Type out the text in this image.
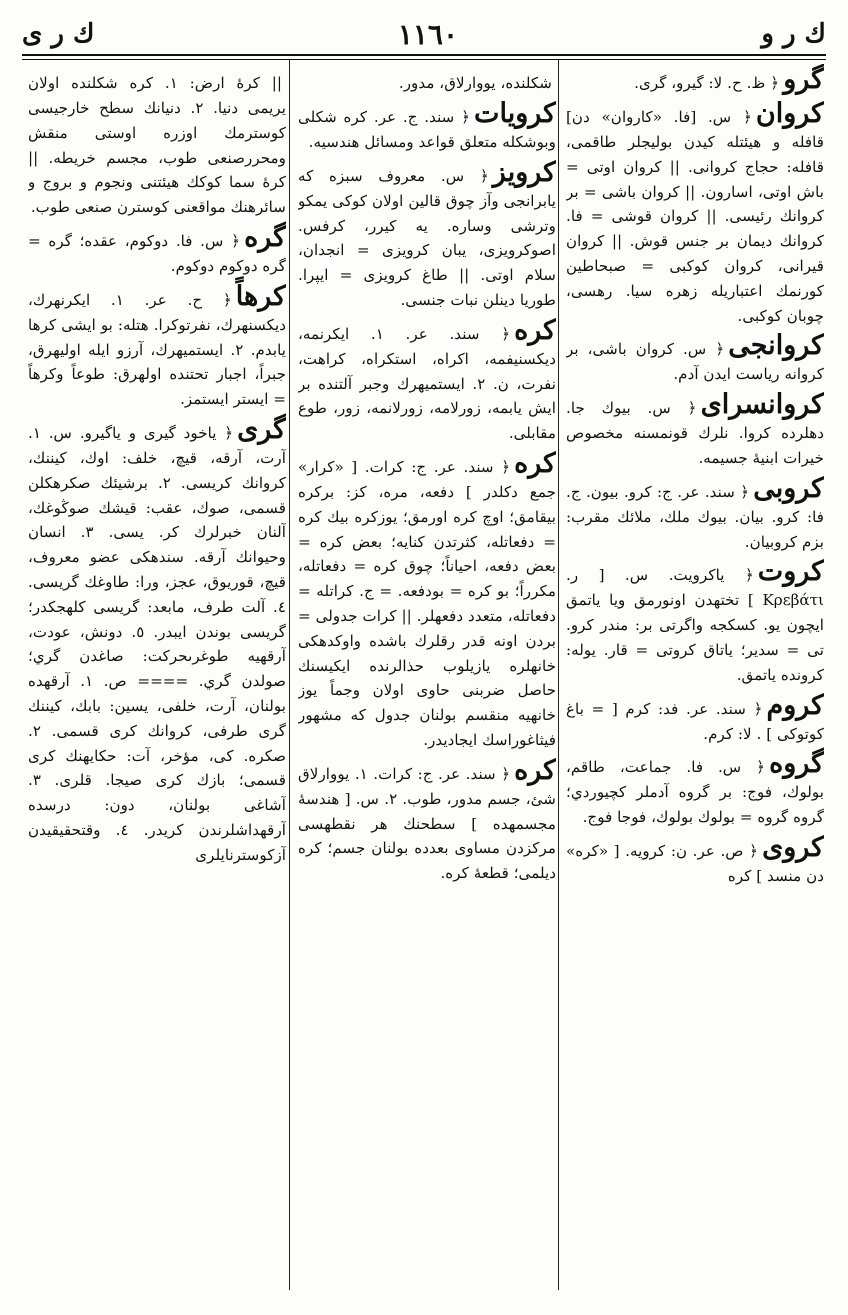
ك ر و
١١٦٠
ك ر ى
گرو﴿ ظ. ح. ﻻ: گيرو، گرى.
كروان﴿ س. [فا. «كاروان» دن] قافله و هيئتله كيدن بوليجلر طاقمى، قافله: حجاج كروانى. || كروان اوتى = باش اوتى، اسارون. || كروان باشى = بر كروانك رئيسى. || كروان قوشى = فا. كروانك ديمان بر جنس قوش. || كروان قيرانى، كروان كوكبى = صبحاطين كورنمك اعتباريله زهره سيا. رهسى، چوبان كوكبى.
كروانجى﴿ س. كروان باشى، بر كروانه رياست ايدن آدم.
كروانسراى﴿ س. بيوك جا. دهلرده كروا. نلرك قونمسنه مخصوص خيرات ابنيهٔ جسيمه.
كروبى﴿ سند. عر. ج: كرو. بيون. ج. فا: كرو. بيان. بيوك ملك، ملائك مقرب: بزم كروبيان.
كروت﴿ ياكرويت. س. [ ر. Κρεβάτι ] تختهدن اونورمق ويا ياتمق ايچون يو. كسكجه واگرتى بر: مندر كرو. تى = سدير؛ ياتاق كروتى = قار. يوله: كرونده ياتمق.
كروم﴿ سند. عر. فد: كرم [ = باغ كوتوكى ] . ﻻ: كرم.
گروه﴿ س. فا. جماعت، طاقم، بولوك، فوج: بر گروه آدملر كچيوردي؛ گروه گروه = بولوك بولوك، فوجا فوج.
كروى﴿ ص. عر. ن: كرويه. [ «كره» دن منسد ] كره
شكلنده، يووارلاق، مدور.
كرويات﴿ سند. ج. عر. كره شكلى وبوشكله متعلق قواعد ومسائل هندسيه.
كرويز﴿ س. معروف سبزه كه يابرانجى وآز چوق قالين اولان كوكى يمكو وترشى وساره. يه كيرر، كرفس. اصوكرويزى، يبان كرويزى = انجدان، سلام اوتى. || طاغ كرويزى = ايپرا. طوريا دينلن نبات جنسى.
كره﴿ سند. عر. ١. ايكرنمه، ديكسنيفمه، اكراه، استكراه، كراهت، نفرت، ن. ٢. ايستميهرك وجبر آلتنده بر ايش يابمه، زورلامه، زورلانمه، زور، طوع مقابلى.
كره﴿ سند. عر. ج: كرات. [ «كرار» جمع دكلدر ] دفعه، مره، كز: بركره بيقامق؛ اوچ كره اورمق؛ يوزكره بيك كره = دفعاتله، كثرتدن كنايه؛ بعض كره = بعض دفعه، احياناً؛ چوق كره = دفعاتله، مكرراً؛ بو كره = بودفعه. = ج. كراتله = دفعاتله، متعدد دفعهلر. || كرات جدولى = بردن اونه قدر رقلرك باشده واوكدهكى خانهلره يازيلوب حذالرنده ايكيسنك حاصل ضربنى حاوى اولان وجماً يوز خانهيه منقسم بولنان جدول كه مشهور فيثاغوراسك ايجاديدر.
كره﴿ سند. عر. ج: كرات. ١. يووارلاق شئ، جسم مدور، طوب. ٢. س. [ هندسهٔ مجسمهده ] سطحنك هر نقطهسى مركزدن مساوى بعدده بولنان جسم؛ كره ديلمى؛ قطعهٔ كره.
|| كرهٔ ارض: ١. كره شكلنده اولان يريمى دنيا. ٢. دنيانك سطح خارجيسى كوسترمك اوزره اوستى منقش ومحررصنعى طوب، مجسم خريطه. || كرهٔ سما كوكك هيئتنى ونجوم و بروج و سائرهنك مواقعنى كوسترن صنعى طوب.
گره﴿ س. فا. دوكوم، عقده؛ گره = گره دوكوم دوكوم.
كرهاً﴿ ح. عر. ١. ايكرنهرك، ديكسنهرك، نفرتوكرا. هتله: بو ايشى كرها يابدم. ٢. ايستميهرك، آرزو ايله اوليهرق، جبراً، اجبار تحتنده اولهرق: طوعاً وكرهاً = ايستر ايستمز.
گرى﴿ ياخود گيرى و ياگيرو. س. ١. آرت، آرقه، قيچ، خلف: اوك، كيننك، كروانك كريسى. ٢. برشيئك صكرهكلن قسمى، صوك، عقب: قيشك صوڭوغك، آلنان خبرلرك كر. يسى. ٣. انسان وحيوانك آرقه. سندهكى عضو معروف، قيچ، قوريوق، عجز، ورا: طاوغك گريسى. ٤. آلت طرف، مابعد: گريسى كلهجكدر؛ گريسى بوندن ايبدر. ٥. دونش، عودت، آرقهيه طوغرىحركت: صاغدن گري؛ صولدن گري. ==== ص. ١. آرقهده بولنان، آرت، خلفى، يسين: بابك، كيننك گرى طرفى، كروانك كرى قسمى. ٢. صكره. كى، مؤخر، آت: حكايهنك كرى قسمى؛ بازك كرى صيجا. قلرى. ٣. آشاغى بولنان، دون: درسده آرقهداشلرندن كريدر. ٤. وقتحقيقيدن آزكوسترنايلرى
